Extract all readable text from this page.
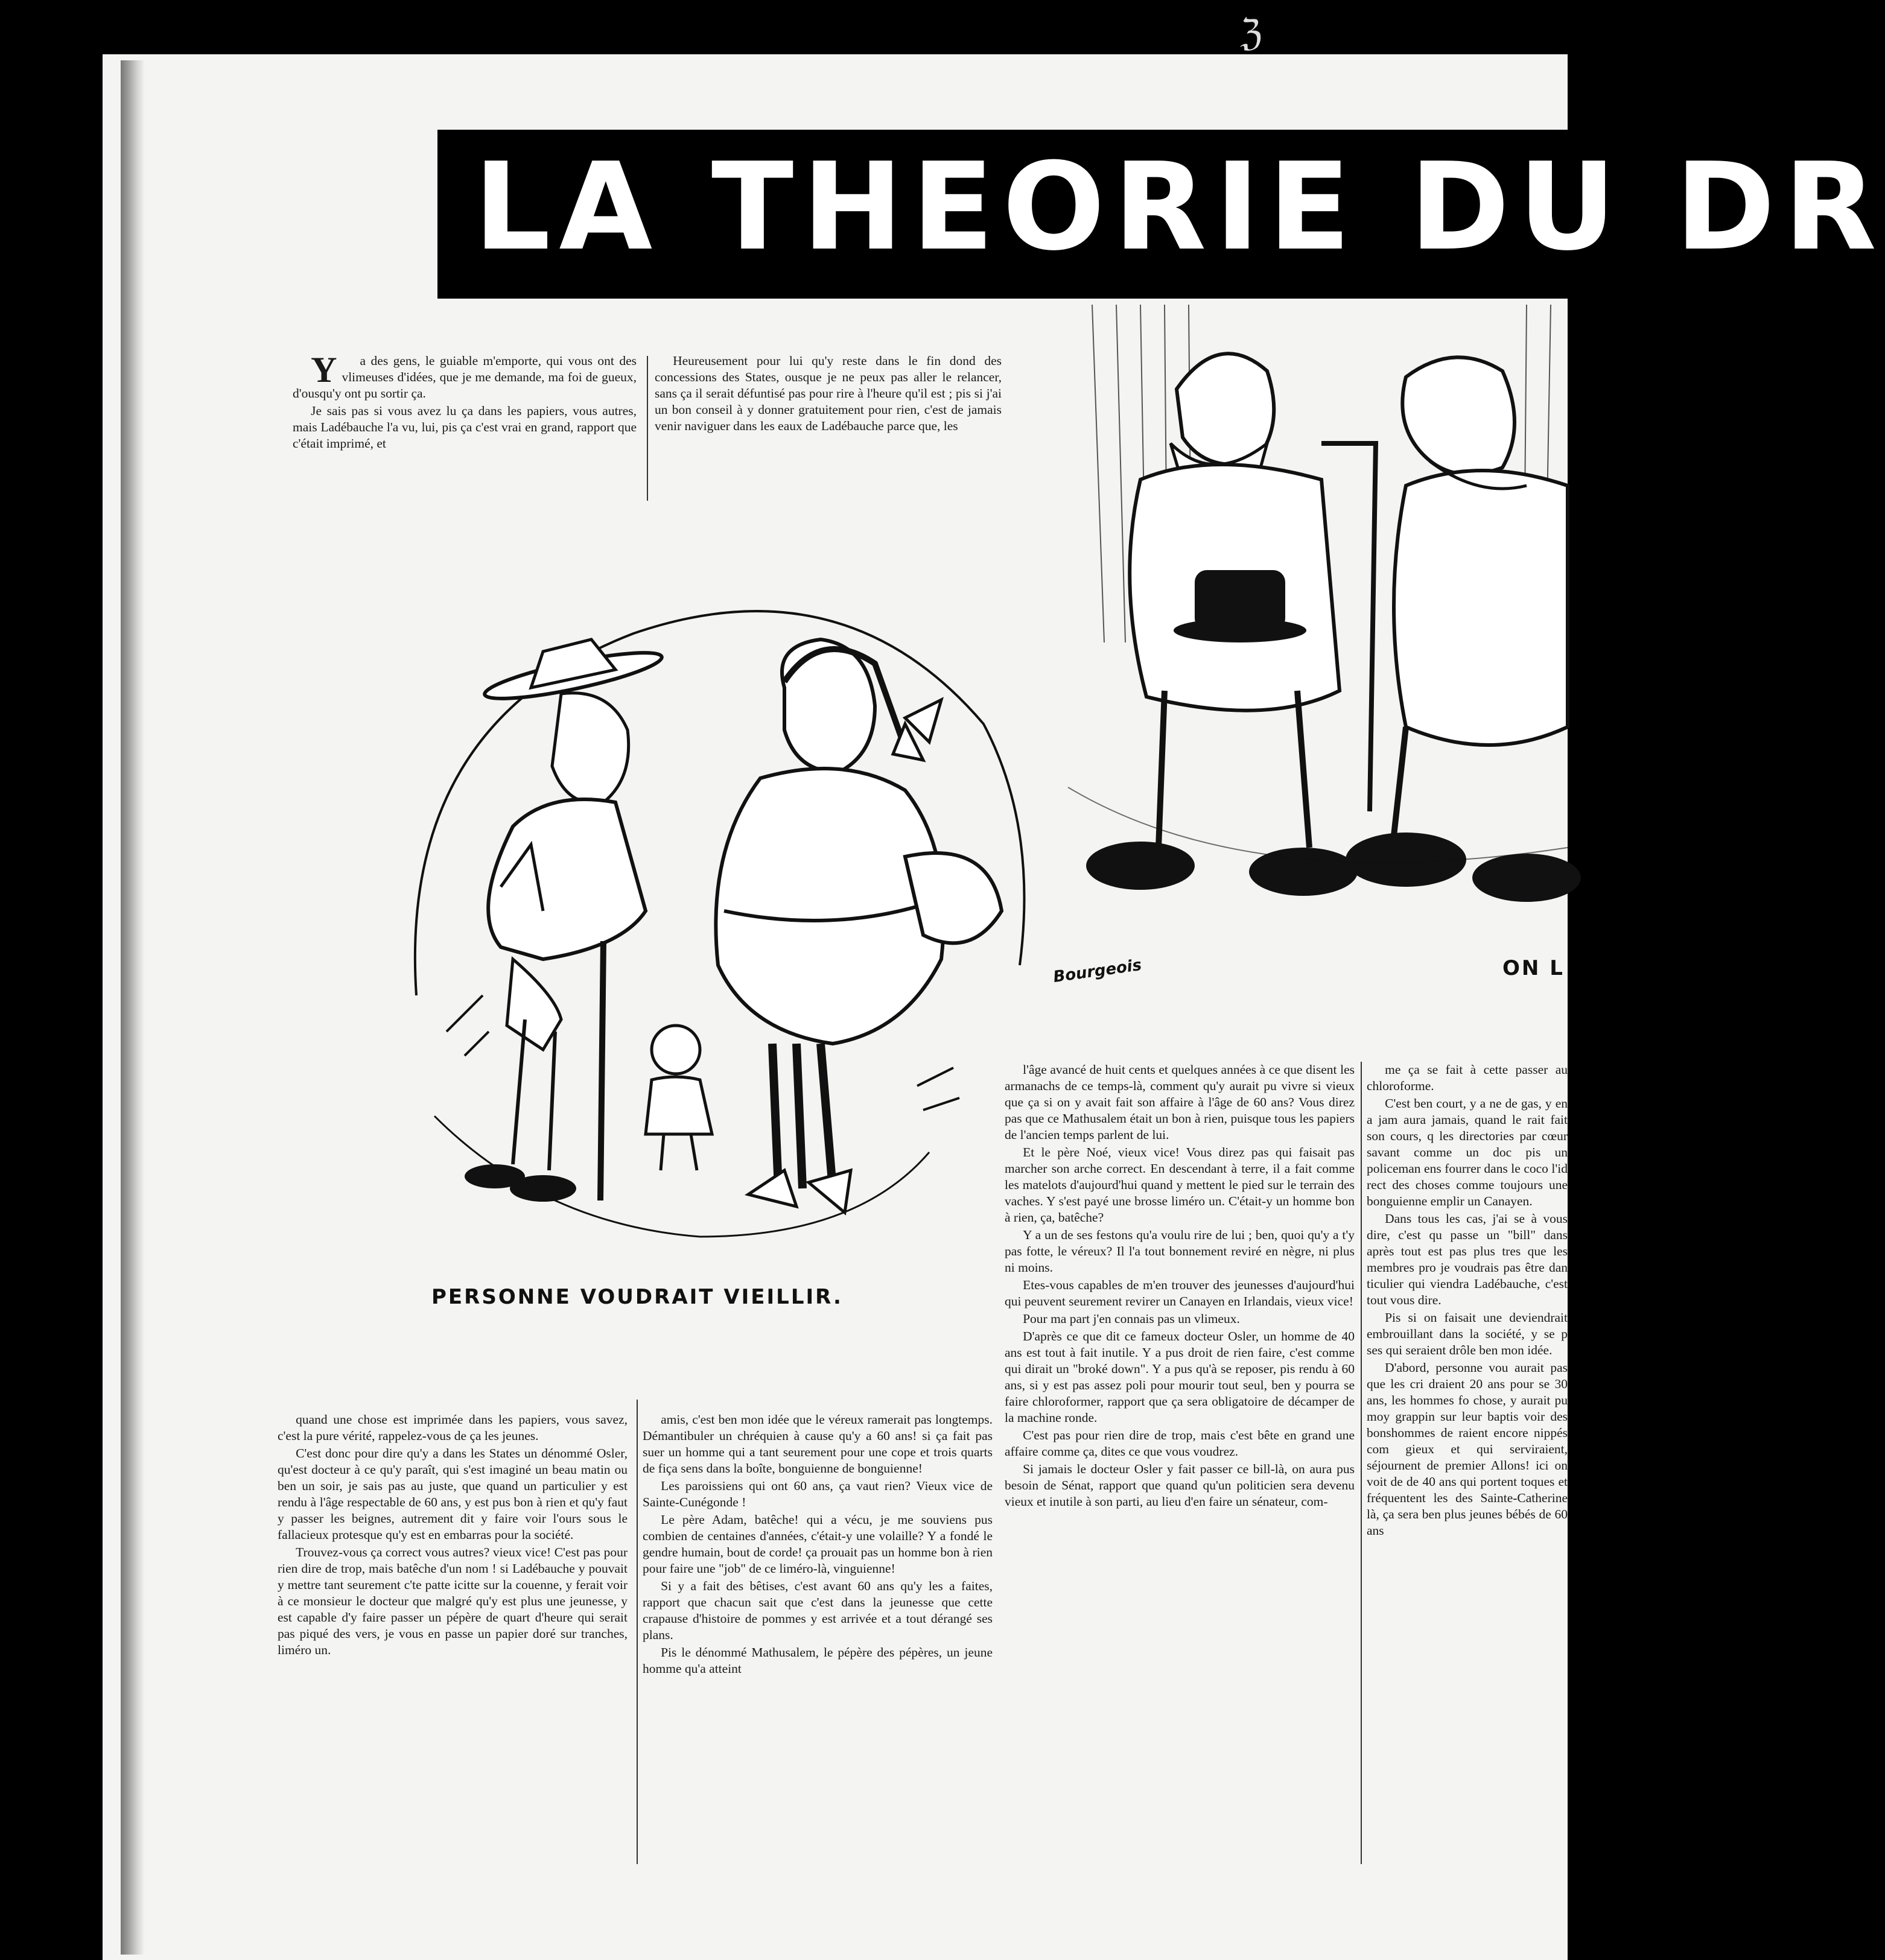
ℨ
LA THEORIE DU DR

Ya des gens, le guiable m'emporte, qui vous ont des vlimeuses d'idées, que je me demande, ma foi de gueux, d'ousqu'y ont pu sortir ça.

Je sais pas si vous avez lu ça dans les papiers, vous autres, mais Ladébauche l'a vu, lui, pis ça c'est vrai en grand, rapport que c'était imprimé, et

Heureusement pour lui qu'y reste dans le fin dond des concessions des States, ousque je ne peux pas aller le relancer, sans ça il serait défuntisé pas pour rire à l'heure qu'il est ; pis si j'ai un bon conseil à y donner gratuitement pour rien, c'est de jamais venir naviguer dans les eaux de Ladébauche parce que, les

Bourgeois
PERSONNE VOUDRAIT VIEILLIR.
ON L

quand une chose est imprimée dans les papiers, vous savez, c'est la pure vérité, rappelez-vous de ça les jeunes.

C'est donc pour dire qu'y a dans les States un dénommé Osler, qu'est docteur à ce qu'y paraît, qui s'est imaginé un beau matin ou ben un soir, je sais pas au juste, que quand un particulier y est rendu à l'âge respectable de 60 ans, y est pus bon à rien et qu'y faut y passer les beignes, autrement dit y faire voir l'ours sous le fallacieux protesque qu'y est en embarras pour la société.

Trouvez-vous ça correct vous autres? vieux vice! C'est pas pour rien dire de trop, mais batêche d'un nom ! si Ladébauche y pouvait y mettre tant seurement c'te patte icitte sur la couenne, y ferait voir à ce monsieur le docteur que malgré qu'y est plus une jeunesse, y est capable d'y faire passer un pépère de quart d'heure qui serait pas piqué des vers, je vous en passe un papier doré sur tranches, liméro un.

amis, c'est ben mon idée que le véreux ramerait pas longtemps. Démantibuler un chréquien à cause qu'y a 60 ans! si ça fait pas suer un homme qui a tant seurement pour une cope et trois quarts de fiça sens dans la boîte, bonguienne de bonguienne!

Les paroissiens qui ont 60 ans, ça vaut rien? Vieux vice de Sainte-Cunégonde !

Le père Adam, batêche! qui a vécu, je me souviens pus combien de centaines d'années, c'était-y une volaille? Y a fondé le gendre humain, bout de corde! ça prouait pas un homme bon à rien pour faire une "job" de ce liméro-là, vinguienne!

Si y a fait des bêtises, c'est avant 60 ans qu'y les a faites, rapport que chacun sait que c'est dans la jeunesse que cette crapause d'histoire de pommes y est arrivée et a tout dérangé ses plans.

Pis le dénommé Mathusalem, le pépère des pépères, un jeune homme qu'a atteint

l'âge avancé de huit cents et quelques années à ce que disent les armanachs de ce temps-là, comment qu'y aurait pu vivre si vieux que ça si on y avait fait son affaire à l'âge de 60 ans? Vous direz pas que ce Mathusalem était un bon à rien, puisque tous les papiers de l'ancien temps parlent de lui.

Et le père Noé, vieux vice! Vous direz pas qui faisait pas marcher son arche correct. En descendant à terre, il a fait comme les matelots d'aujourd'hui quand y mettent le pied sur le terrain des vaches. Y s'est payé une brosse liméro un. C'était-y un homme bon à rien, ça, batêche?

Y a un de ses festons qu'a voulu rire de lui ; ben, quoi qu'y a t'y pas fotte, le véreux? Il l'a tout bonnement reviré en nègre, ni plus ni moins.

Etes-vous capables de m'en trouver des jeunesses d'aujourd'hui qui peuvent seurement revirer un Canayen en Irlandais, vieux vice!

Pour ma part j'en connais pas un vlimeux.

D'après ce que dit ce fameux docteur Osler, un homme de 40 ans est tout à fait inutile. Y a pus droit de rien faire, c'est comme qui dirait un "broké down". Y a pus qu'à se reposer, pis rendu à 60 ans, si y est pas assez poli pour mourir tout seul, ben y pourra se faire chloroformer, rapport que ça sera obligatoire de décamper de la machine ronde.

C'est pas pour rien dire de trop, mais c'est bête en grand une affaire comme ça, dites ce que vous voudrez.

Si jamais le docteur Osler y fait passer ce bill-là, on aura pus besoin de Sénat, rapport que quand qu'un politicien sera devenu vieux et inutile à son parti, au lieu d'en faire un sénateur, com-

me ça se fait à cette passer au chloroforme.

C'est ben court, y a ne de gas, y en a jam aura jamais, quand le rait fait son cours, q les directories par cœur savant comme un doc pis un policeman ens fourrer dans le coco l'id rect des choses comme toujours une bonguienne emplir un Canayen.

Dans tous les cas, j'ai se à vous dire, c'est qu passe un "bill" dans après tout est pas plus tres que les membres pro je voudrais pas être dan ticulier qui viendra Ladébauche, c'est tout vous dire.

Pis si on faisait une deviendrait embrouillant dans la société, y se p ses qui seraient drôle ben mon idée.

D'abord, personne vou aurait pas que les cri draient 20 ans pour se 30 ans, les hommes fo chose, y aurait pu moy grappin sur leur baptis voir des bonshommes de raient encore nippés com gieux et qui serviraient, séjournent de premier Allons! ici on voit de de 40 ans qui portent toques et fréquentent les des Sainte-Catherine là, ça sera ben plus jeunes bébés de 60 ans
